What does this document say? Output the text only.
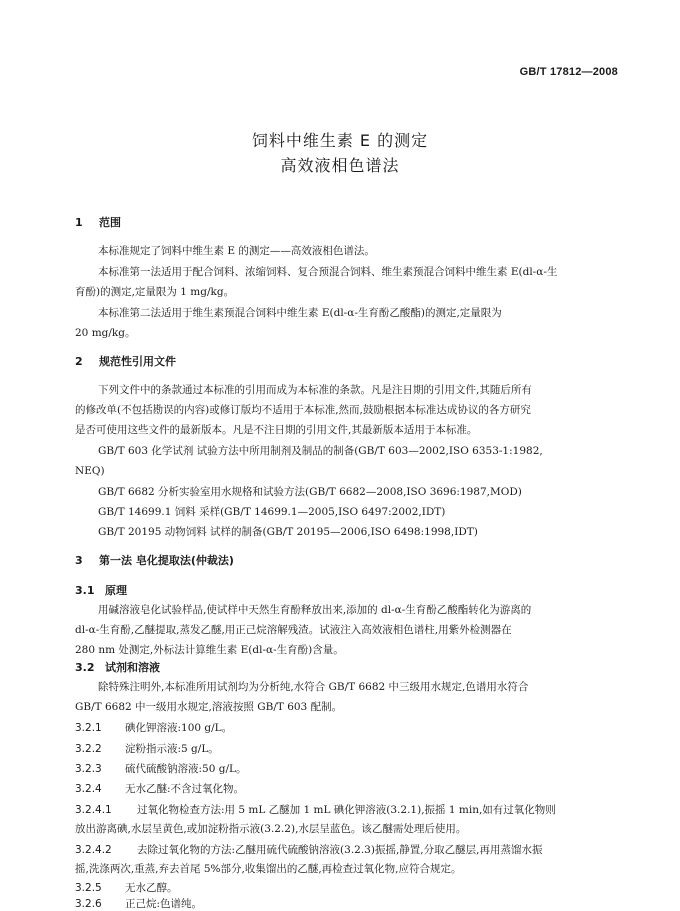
GB/T 17812—2008
饲料中维生素 E 的测定
高效液相色谱法
1 范围
本标准规定了饲料中维生素 E 的测定——高效液相色谱法。
本标准第一法适用于配合饲料、浓缩饲料、复合预混合饲料、维生素预混合饲料中维生素 E(dl-α-生
育酚)的测定,定量限为 1 mg/kg。
本标准第二法适用于维生素预混合饲料中维生素 E(dl-α-生育酚乙酸酯)的测定,定量限为
20 mg/kg。
2 规范性引用文件
下列文件中的条款通过本标准的引用而成为本标准的条款。凡是注日期的引用文件,其随后所有
的修改单(不包括勘误的内容)或修订版均不适用于本标准,然而,鼓励根据本标准达成协议的各方研究
是否可使用这些文件的最新版本。凡是不注日期的引用文件,其最新版本适用于本标准。
GB/T 603 化学试剂 试验方法中所用制剂及制品的制备(GB/T 603—2002,ISO 6353-1:1982,
NEQ)
GB/T 6682 分析实验室用水规格和试验方法(GB/T 6682—2008,ISO 3696:1987,MOD)
GB/T 14699.1 饲料 采样(GB/T 14699.1—2005,ISO 6497:2002,IDT)
GB/T 20195 动物饲料 试样的制备(GB/T 20195—2006,ISO 6498:1998,IDT)
3 第一法 皂化提取法(仲裁法)
3.1 原理
用碱溶液皂化试验样品,使试样中天然生育酚释放出来,添加的 dl-α-生育酚乙酸酯转化为游离的
dl-α-生育酚,乙醚提取,蒸发乙醚,用正己烷溶解残渣。试液注入高效液相色谱柱,用紫外检测器在
280 nm 处测定,外标法计算维生素 E(dl-α-生育酚)含量。
3.2 试剂和溶液
除特殊注明外,本标准所用试剂均为分析纯,水符合 GB/T 6682 中三级用水规定,色谱用水符合
GB/T 6682 中一级用水规定,溶液按照 GB/T 603 配制。
3.2.1 碘化钾溶液:100 g/L。
3.2.2 淀粉指示液:5 g/L。
3.2.3 硫代硫酸钠溶液:50 g/L。
3.2.4 无水乙醚:不含过氧化物。
3.2.4.1 过氧化物检查方法:用 5 mL 乙醚加 1 mL 碘化钾溶液(3.2.1),振摇 1 min,如有过氧化物则
放出游离碘,水层呈黄色,或加淀粉指示液(3.2.2),水层呈蓝色。该乙醚需处理后使用。
3.2.4.2 去除过氧化物的方法:乙醚用硫代硫酸钠溶液(3.2.3)振摇,静置,分取乙醚层,再用蒸馏水振
摇,洗涤两次,重蒸,弃去首尾 5%部分,收集馏出的乙醚,再检查过氧化物,应符合规定。
3.2.5 无水乙醇。
3.2.6 正己烷:色谱纯。
